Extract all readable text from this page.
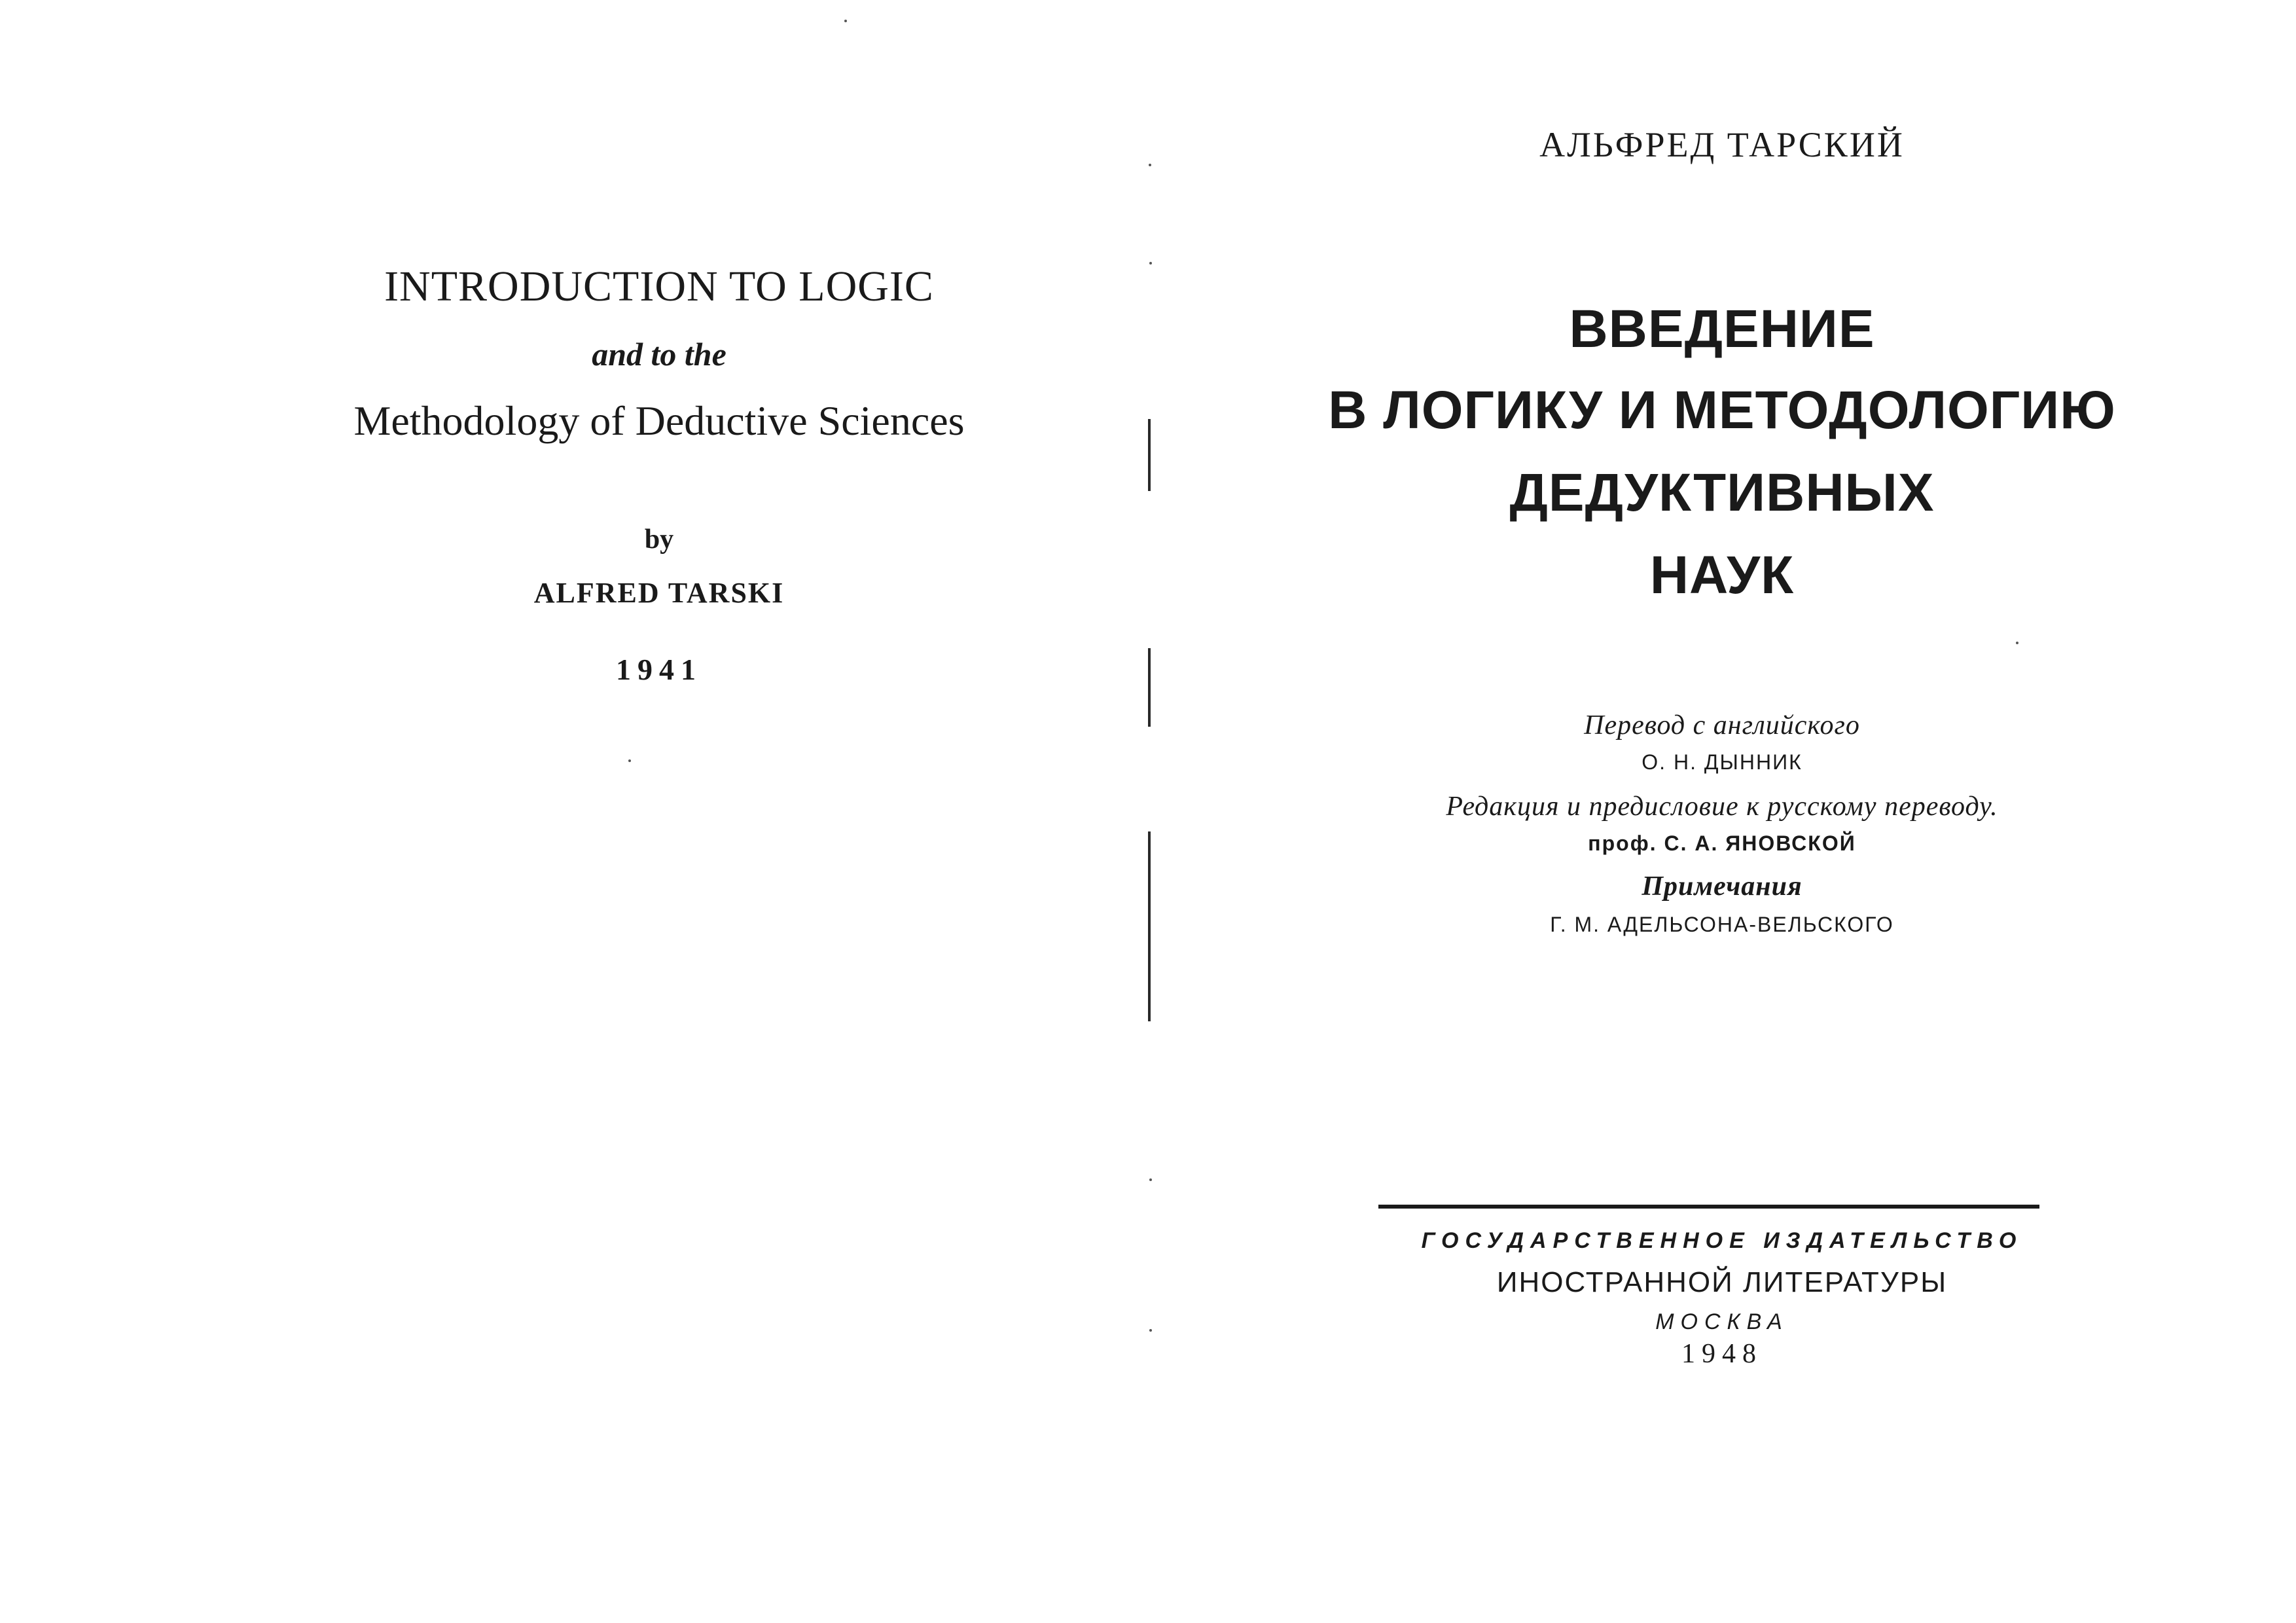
INTRODUCTION TO LOGIC
and to the
Methodology of Deductive Sciences
by
ALFRED TARSKI
1941
АЛЬФРЕД ТАРСКИЙ
ВВЕДЕНИЕ
В ЛОГИКУ И МЕТОДОЛОГИЮ
ДЕДУКТИВНЫХ
НАУК
Перевод с английского
О. Н. ДЫННИК
Редакция и предисловие к русскому переводу.
проф. С. А. ЯНОВСКОЙ
Примечания
Г. М. АДЕЛЬСОНА-ВЕЛЬСКОГО
ГОСУДАРСТВЕННОЕ ИЗДАТЕЛЬСТВО
ИНОСТРАННОЙ ЛИТЕРАТУРЫ
МОСКВА
1948
